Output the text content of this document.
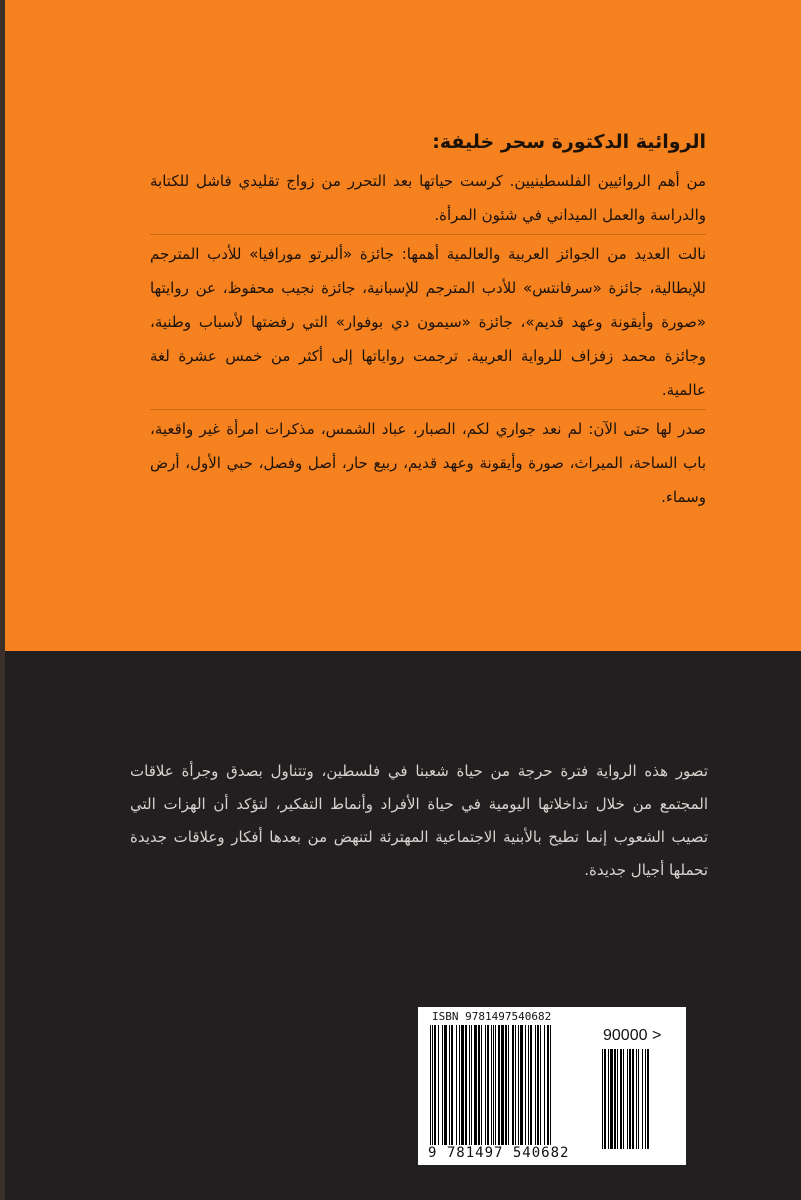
الروائية الدكتورة سحر خليفة:

من أهم الروائيين الفلسطينيين. كرست حياتها بعد التحرر من زواج تقليدي فاشل للكتابة والدراسة والعمل الميداني في شئون المرأة.

نالت العديد من الجوائز العربية والعالمية أهمها: جائزة «ألبرتو مورافيا» للأدب المترجم للإيطالية، جائزة «سرفانتس» للأدب المترجم للإسبانية، جائزة نجيب محفوظ، عن روايتها «صورة وأيقونة وعهد قديم»، جائزة «سيمون دي بوفوار» التي رفضتها لأسباب وطنية، وجائزة محمد زفزاف للرواية العربية. ترجمت رواياتها إلى أكثر من خمس عشرة لغة عالمية.

صدر لها حتى الآن: لم نعد جواري لكم، الصبار، عباد الشمس، مذكرات امرأة غير واقعية، باب الساحة، الميراث، صورة وأيقونة وعهد قديم، ربيع حار، أصل وفصل، حبي الأول، أرض وسماء.

تصور هذه الرواية فترة حرجة من حياة شعبنا في فلسطين، وتتناول بصدق وجرأة علاقات المجتمع من خلال تداخلاتها اليومية في حياة الأفراد وأنماط التفكير، لتؤكد أن الهزات التي تصيب الشعوب إنما تطيح بالأبنية الاجتماعية المهترئة لتنهض من بعدها أفكار وعلاقات جديدة تحملها أجيال جديدة.

ISBN 9781497540682
90000 >
9 781497 540682
